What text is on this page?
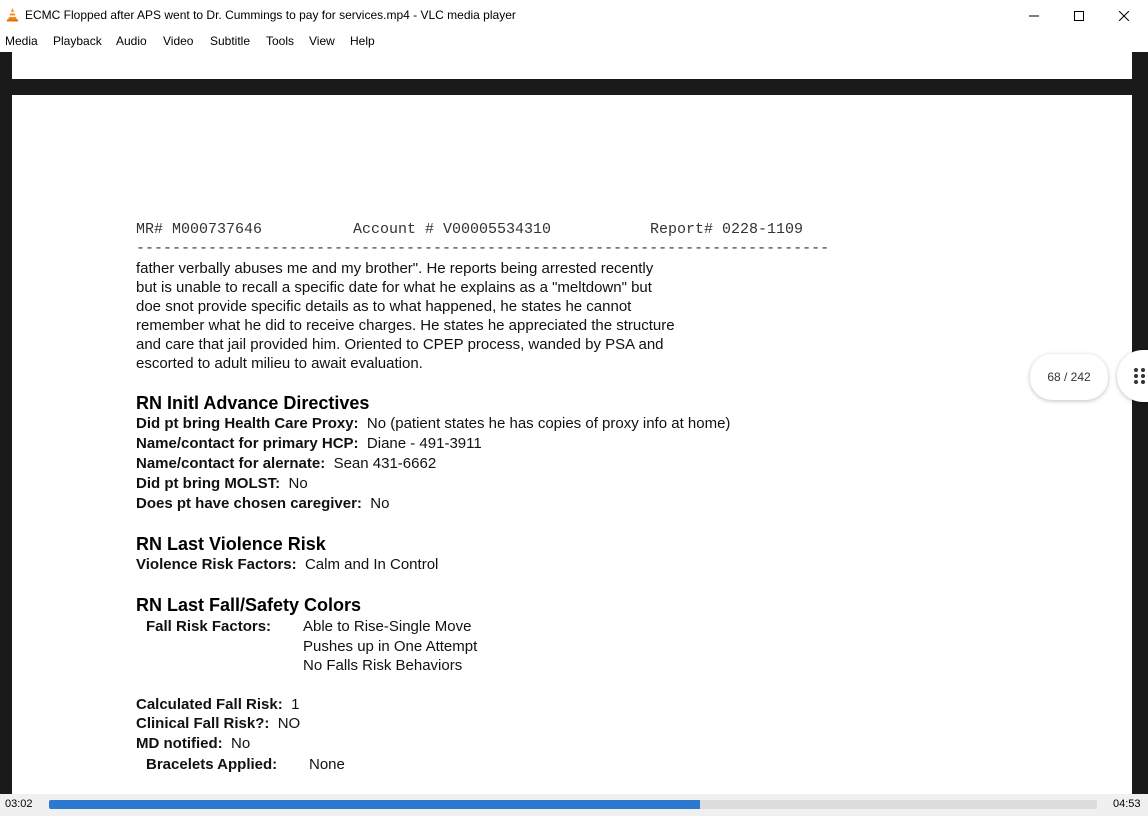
ECMC Flopped after APS went to Dr. Cummings to pay for services.mp4 - VLC media player
Media Playback Audio Video Subtitle Tools View Help
MR# M000737646	Account # V00005534310	Report# 0228-1109
-----------------------------------------------------------------------------
father verbally abuses me and my brother". He reports being arrested recently
but is unable to recall a specific date for what he explains as a "meltdown" but
doe snot provide specific details as to what happened, he states he cannot
remember what he did to receive charges. He states he appreciated the structure
and care that jail provided him. Oriented to CPEP process, wanded by PSA and
escorted to adult milieu to await evaluation.
RN Initl Advance Directives
Did pt bring Health Care Proxy: No (patient states he has copies of proxy info at home)
Name/contact for primary HCP: Diane - 491-3911
Name/contact for alernate: Sean 431-6662
Did pt bring MOLST: No
Does pt have chosen caregiver: No
RN Last Violence Risk
Violence Risk Factors: Calm and In Control
RN Last Fall/Safety Colors
Fall Risk Factors: Able to Rise-Single Move
Pushes up in One Attempt
No Falls Risk Behaviors
Calculated Fall Risk: 1
Clinical Fall Risk?: NO
MD notified: No
Bracelets Applied: None
68 / 242
03:02	04:53
